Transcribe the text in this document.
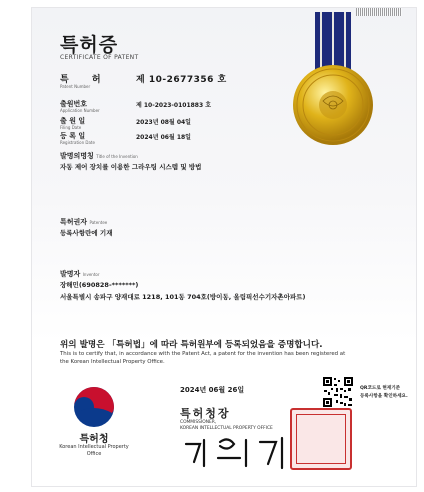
특허증
CERTIFICATE OF PATENT
특 허
Patent Number
제 10-2677356 호
출원번호
Application Number
제 10-2023-0101883 호
출 원 일
Filing Date
2023년 08월 04일
등 록 일
Registration Date
2024년 06월 18일
발명의명칭 Title of the Invention
자동 제어 장치를 이용한 그라우팅 시스템 및 방법
특허권자 Patentee
등록사항란에 기재
발명자 Inventor
장해민(690828-*******)
서울특별시 송파구 양재대로 1218, 101동 704호(방이동, 올림픽선수기자촌아파트)
위의 발명은 「특허법」에 따라 특허원부에 등록되었음을 증명합니다.
This is to certify that, in accordance with the Patent Act, a patent for the invention has been registered at
the Korean Intellectual Property Office.
특허청
Korean Intellectual Property Office
2024년 06월 26일
특허청장
COMMISSIONER,
KOREAN INTELLECTUAL PROPERTY OFFICE
QR코드로 현재기준
등록사항을 확인하세요.
